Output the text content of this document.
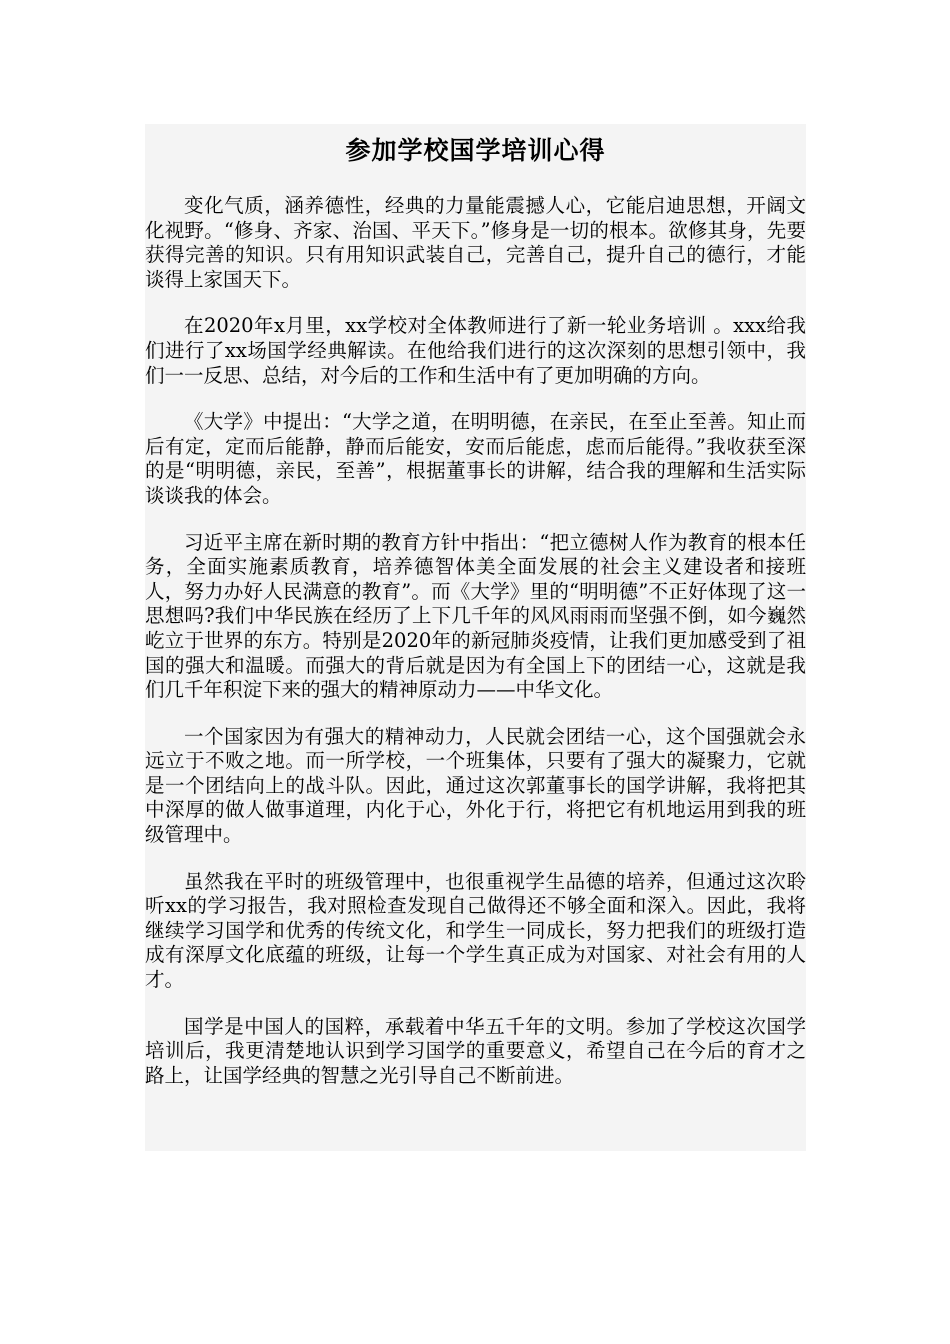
参加学校国学培训心得

变化气质，涵养德性，经典的力量能震撼人心，它能启迪思想，开阔文化视野。“修身、齐家、治国、平天下。”修身是一切的根本。欲修其身，先要获得完善的知识。只有用知识武装自己，完善自己，提升自己的德行，才能谈得上家国天下。

在2020年x月里，xx学校对全体教师进行了新一轮业务培训 。xxx给我们进行了xx场国学经典解读。在他给我们进行的这次深刻的思想引领中，我们一一反思、总结，对今后的工作和生活中有了更加明确的方向。

《大学》中提出：“大学之道，在明明德，在亲民，在至止至善。知止而后有定，定而后能静，静而后能安，安而后能虑，虑而后能得。”我收获至深的是“明明德，亲民，至善”，根据董事长的讲解，结合我的理解和生活实际谈谈我的体会。

习近平主席在新时期的教育方针中指出：“把立德树人作为教育的根本任务，全面实施素质教育，培养德智体美全面发展的社会主义建设者和接班人，努力办好人民满意的教育”。而《大学》里的“明明德”不正好体现了这一思想吗?我们中华民族在经历了上下几千年的风风雨雨而坚强不倒，如今巍然屹立于世界的东方。特别是2020年的新冠肺炎疫情，让我们更加感受到了祖国的强大和温暖。而强大的背后就是因为有全国上下的团结一心，这就是我们几千年积淀下来的强大的精神原动力——中华文化。

一个国家因为有强大的精神动力，人民就会团结一心，这个国强就会永远立于不败之地。而一所学校，一个班集体，只要有了强大的凝聚力，它就是一个团结向上的战斗队。因此，通过这次郭董事长的国学讲解，我将把其中深厚的做人做事道理，内化于心，外化于行，将把它有机地运用到我的班级管理中。

虽然我在平时的班级管理中，也很重视学生品德的培养，但通过这次聆听xx的学习报告，我对照检查发现自己做得还不够全面和深入。因此，我将继续学习国学和优秀的传统文化，和学生一同成长，努力把我们的班级打造成有深厚文化底蕴的班级，让每一个学生真正成为对国家、对社会有用的人才。

国学是中国人的国粹，承载着中华五千年的文明。参加了学校这次国学培训后，我更清楚地认识到学习国学的重要意义，希望自己在今后的育才之路上，让国学经典的智慧之光引导自己不断前进。
